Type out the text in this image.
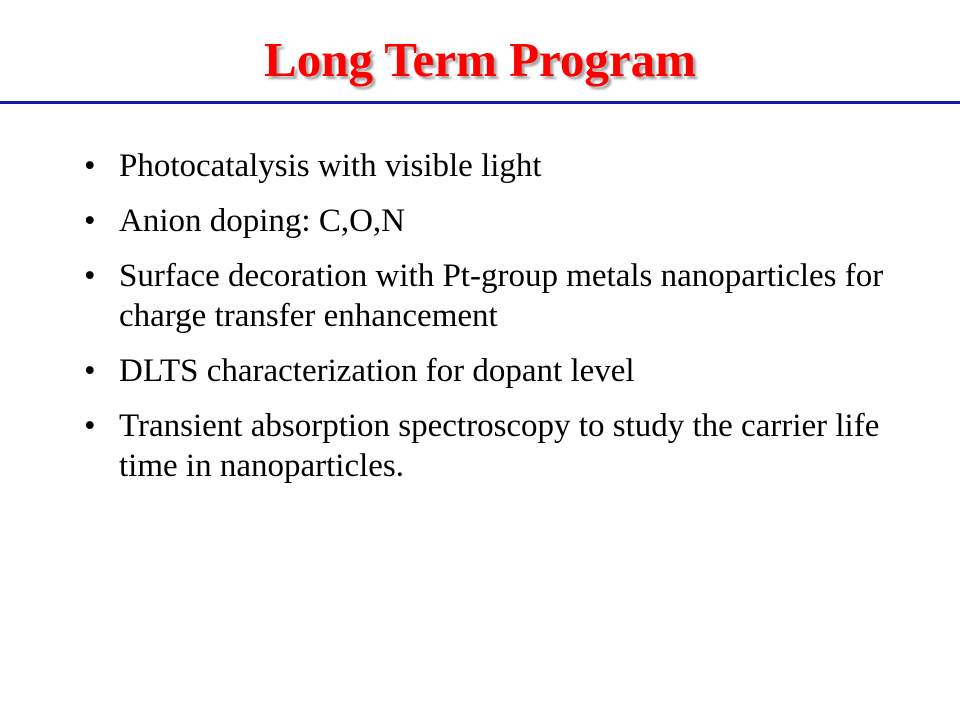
Long Term Program
• Photocatalysis with visible light
• Anion doping: C,O,N
• Surface decoration with Pt-group metals nanoparticles for charge transfer enhancement
• DLTS characterization for dopant level
• Transient absorption spectroscopy to study the carrier life time in nanoparticles.
